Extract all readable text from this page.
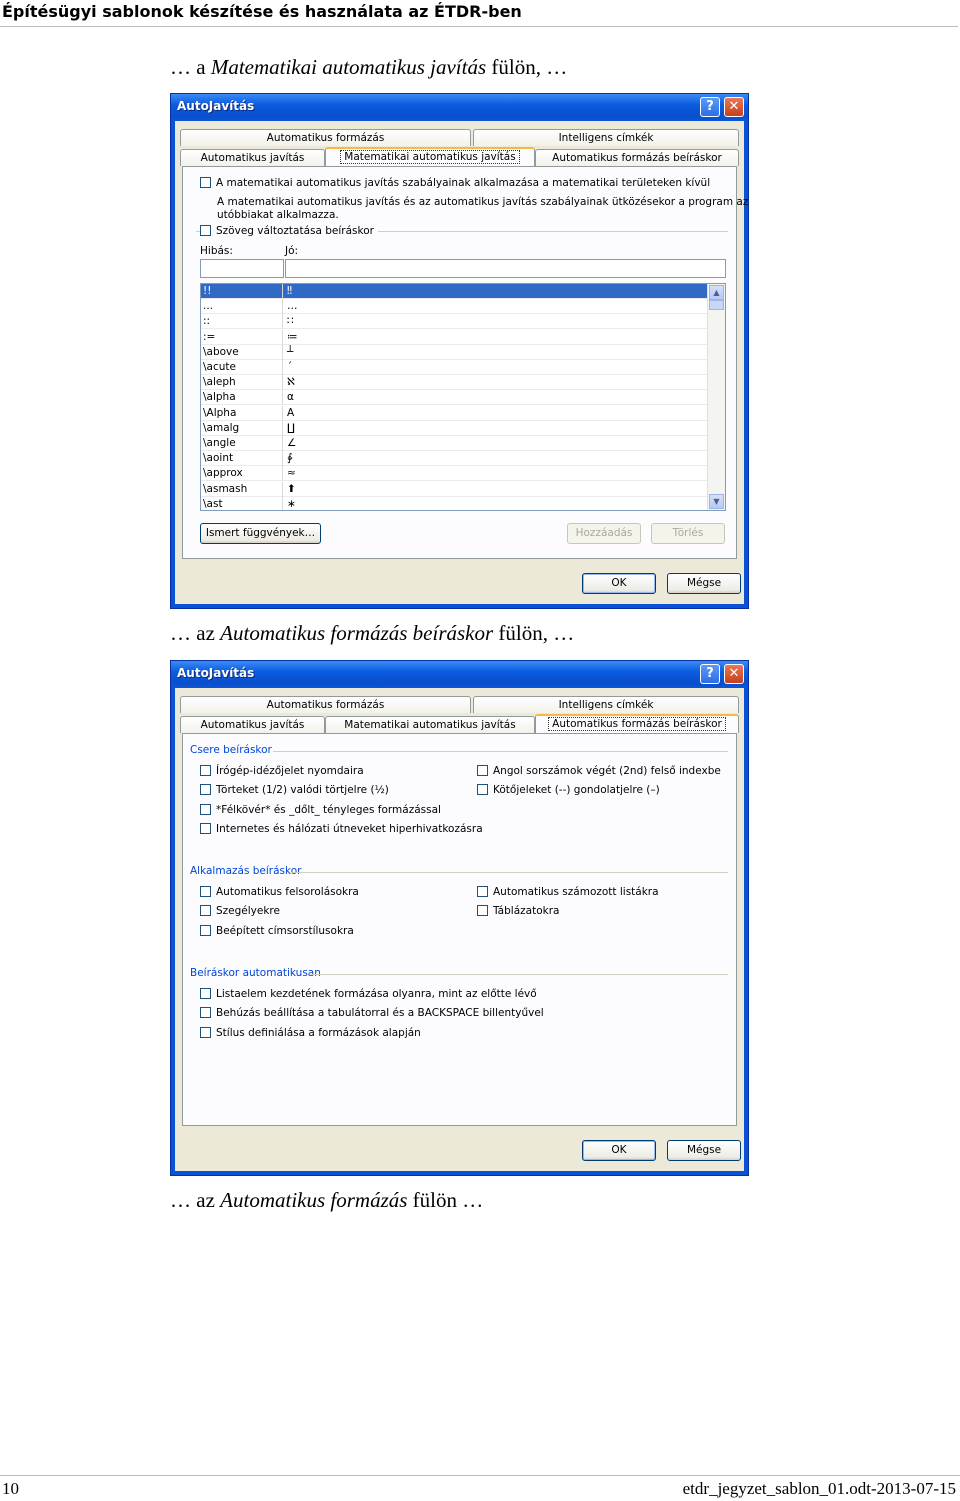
Építésügyi sablonok készítése és használata az ÉTDR-ben
… a Matematikai automatikus javítás fülön, …
AutoJavítás	?	✕
Automatikus formázás	Intelligens címkék
Automatikus javítás	Matematikai automatikus javítás	Automatikus formázás beíráskor
A matematikai automatikus javítás szabályainak alkalmazása a matematikai területeken kívül
A matematikai automatikus javítás és az automatikus javítás szabályainak ütközésekor a program az
utóbbiakat alkalmazza.
Szöveg változtatása beíráskor
Hibás:	Jó:
!!	‼
...	…
::	∷
:=	≔
\above	┴
\acute	´
\aleph	ℵ
\alpha	α
\Alpha	Α
\amalg	∐
\angle	∠
\aoint	∳
\approx	≈
\asmash	⬆
\ast	∗
▲
▼
Ismert függvények…	Hozzáadás	Törlés
OK	Mégse
… az Automatikus formázás beíráskor fülön, …
AutoJavítás	?	✕
Automatikus formázás	Intelligens címkék
Automatikus javítás	Matematikai automatikus javítás	Automatikus formázás beíráskor
Csere beíráskor
Írógép-idézőjelet nyomdaira
Törteket (1/2) valódi törtjelre (½)
*Félkövér* és _dőlt_ tényleges formázással
Internetes és hálózati útneveket hiperhivatkozásra
Angol sorszámok végét (2nd) felső indexbe
Kötőjeleket (--) gondolatjelre (–)
Alkalmazás beíráskor
Automatikus felsorolásokra
Szegélyekre
Beépített címsorstílusokra
Automatikus számozott listákra
Táblázatokra
Beíráskor automatikusan
Listaelem kezdetének formázása olyanra, mint az előtte lévő
Behúzás beállítása a tabulátorral és a BACKSPACE billentyűvel
Stílus definiálása a formázások alapján
OK	Mégse
… az Automatikus formázás fülön …
10	etdr_jegyzet_sablon_01.odt-2013-07-15
